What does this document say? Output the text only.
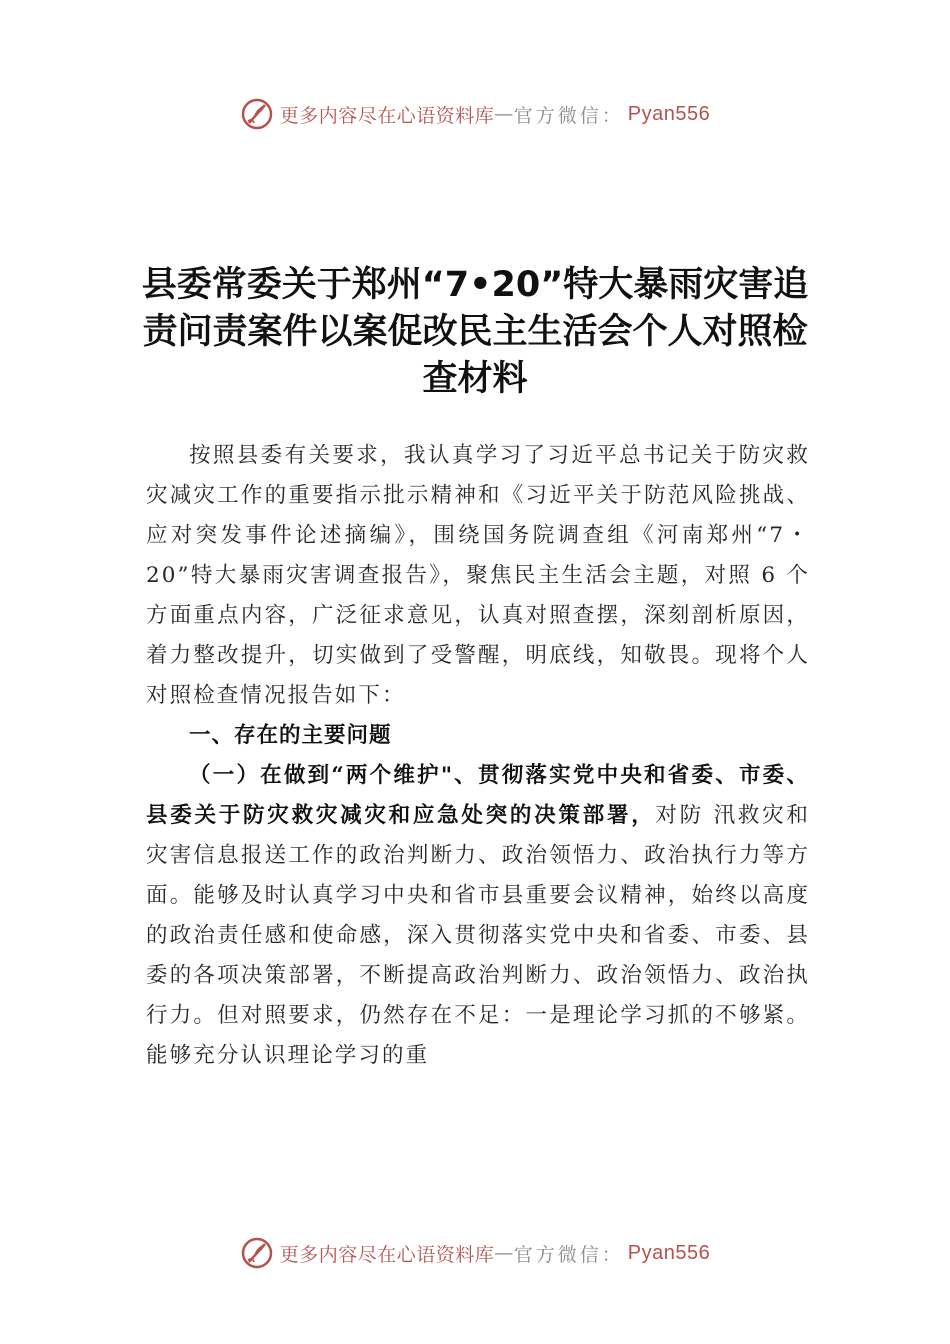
更多内容尽在心语资料库 — 官方微信： Pyan556
县委常委关于郑州“7•20”特大暴雨灾害追责问责案件以案促改民主生活会个人对照检查材料

按照县委有关要求，我认真学习了习近平总书记关于防灾救灾减灾工作的重要指示批示精神和《习近平关于防范风险挑战、应对突发事件论述摘编》，围绕国务院调查组《河南郑州“7・20”特大暴雨灾害调查报告》，聚焦民主生活会主题，对照 6 个方面重点内容，广泛征求意见，认真对照查摆，深刻剖析原因，着力整改提升，切实做到了受警醒，明底线，知敬畏。现将个人对照检查情况报告如下：

一、存在的主要问题

（一）在做到“两个维护"、贯彻落实党中央和省委、市委、县委关于防灾救灾减灾和应急处突的决策部署，对防 汛救灾和灾害信息报送工作的政治判断力、政治领悟力、政治执行力等方面。能够及时认真学习中央和省市县重要会议精神，始终以高度的政治责任感和使命感，深入贯彻落实党中央和省委、市委、县委的各项决策部署，不断提高政治判断力、政治领悟力、政治执行力。但对照要求，仍然存在不足：一是理论学习抓的不够紧。能够充分认识理论学习的重

更多内容尽在心语资料库 — 官方微信： Pyan556
